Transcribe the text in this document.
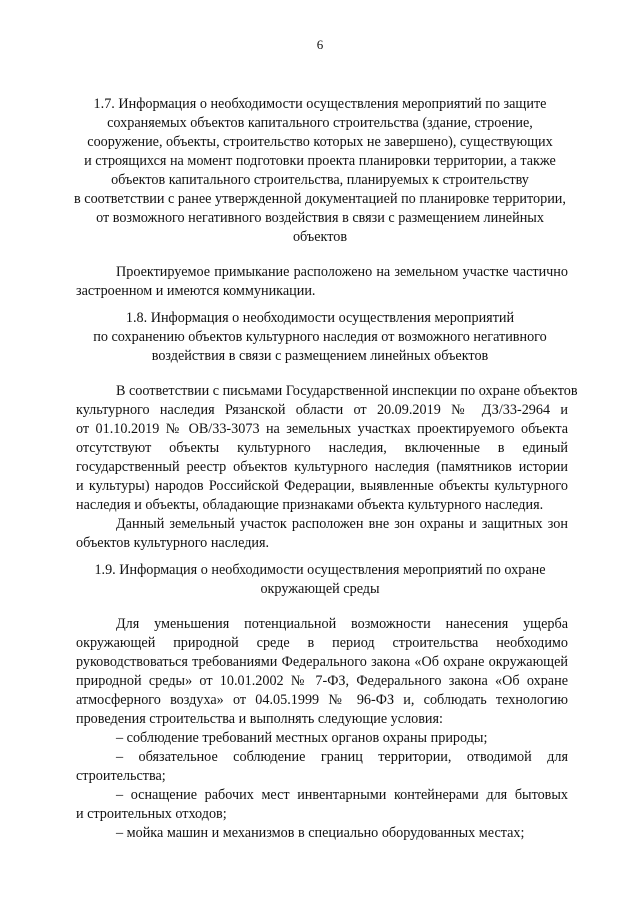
6
1.7. Информация о необходимости осуществления мероприятий по защите
сохраняемых объектов капитального строительства (здание, строение,
сооружение, объекты, строительство которых не завершено), существующих
и строящихся на момент подготовки проекта планировки территории, а также
объектов капитального строительства, планируемых к строительству
в соответствии с ранее утвержденной документацией по планировке территории,
от возможного негативного воздействия в связи с размещением линейных
объектов
Проектируемое примыкание расположено на земельном участке частично
застроенном и имеются коммуникации.
1.8. Информация о необходимости осуществления мероприятий
по сохранению объектов культурного наследия от возможного негативного
воздействия в связи с размещением линейных объектов
В соответствии с письмами Государственной инспекции по охране объектов
культурного наследия Рязанской области от 20.09.2019 № ДЗ/33-2964 и
от 01.10.2019 № ОВ/33-3073 на земельных участках проектируемого объекта
отсутствуют объекты культурного наследия, включенные в единый
государственный реестр объектов культурного наследия (памятников истории
и культуры) народов Российской Федерации, выявленные объекты культурного
наследия и объекты, обладающие признаками объекта культурного наследия.
Данный земельный участок расположен вне зон охраны и защитных зон
объектов культурного наследия.
1.9. Информация о необходимости осуществления мероприятий по охране
окружающей среды
Для уменьшения потенциальной возможности нанесения ущерба
окружающей природной среде в период строительства необходимо
руководствоваться требованиями Федерального закона «Об охране окружающей
природной среды» от 10.01.2002 № 7-ФЗ, Федерального закона «Об охране
атмосферного воздуха» от 04.05.1999 № 96-ФЗ и, соблюдать технологию
проведения строительства и выполнять следующие условия:
– соблюдение требований местных органов охраны природы;
– обязательное соблюдение границ территории, отводимой для
строительства;
– оснащение рабочих мест инвентарными контейнерами для бытовых
и строительных отходов;
– мойка машин и механизмов в специально оборудованных местах;
